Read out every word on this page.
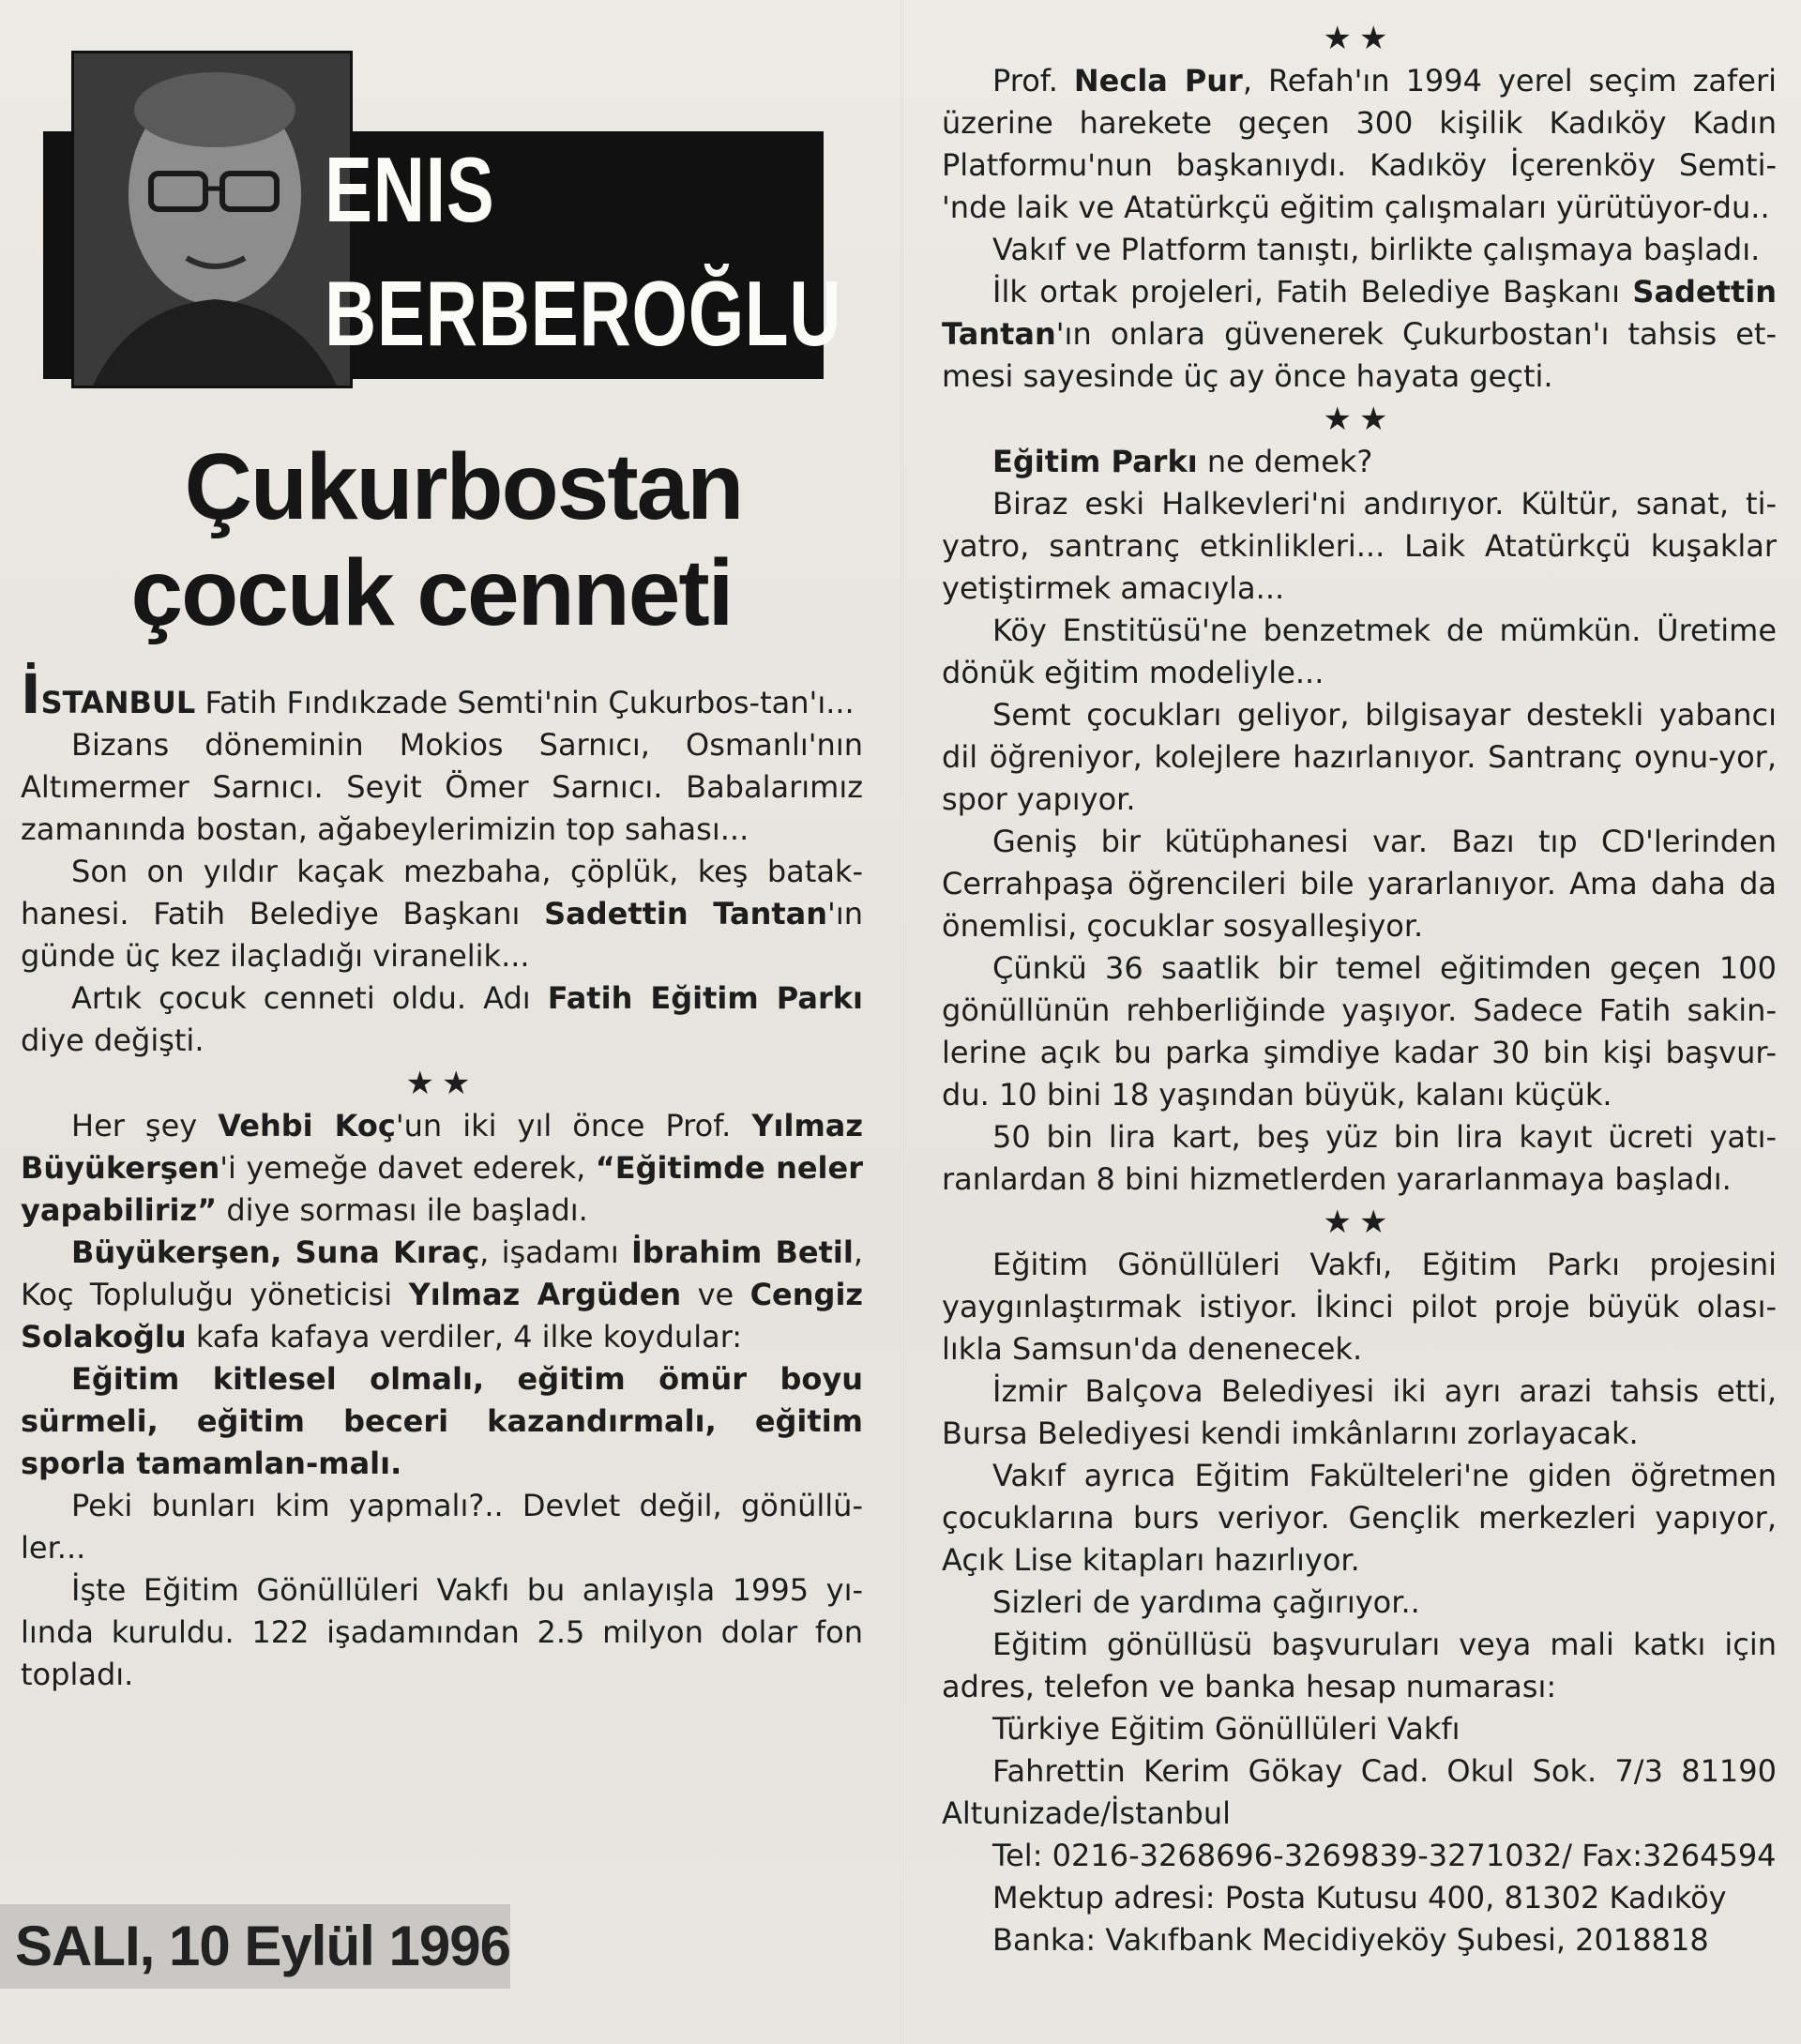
ENIS
BERBEROĞLU
Çukurbostan
çocuk cenneti

İSTANBUL Fatih Fındıkzade Semti'nin Çukurbos-tan'ı...

Bizans döneminin Mokios Sarnıcı, Osmanlı'nın Altımermer Sarnıcı. Seyit Ömer Sarnıcı. Babalarımız zamanında bostan, ağabeylerimizin top sahası...

Son on yıldır kaçak mezbaha, çöplük, keş batak-hanesi. Fatih Belediye Başkanı Sadettin Tantan'ın günde üç kez ilaçladığı viranelik...

Artık çocuk cenneti oldu. Adı Fatih Eğitim Parkı diye değişti.

★★

Her şey Vehbi Koç'un iki yıl önce Prof. Yılmaz Büyükerşen'i yemeğe davet ederek, “Eğitimde neler yapabiliriz” diye sorması ile başladı.

Büyükerşen, Suna Kıraç, işadamı İbrahim Betil, Koç Topluluğu yöneticisi Yılmaz Argüden ve Cengiz Solakoğlu kafa kafaya verdiler, 4 ilke koydular:

Eğitim kitlesel olmalı, eğitim ömür boyu sürmeli, eğitim beceri kazandırmalı, eğitim sporla tamamlan-malı.

Peki bunları kim yapmalı?.. Devlet değil, gönüllü-ler...

İşte Eğitim Gönüllüleri Vakfı bu anlayışla 1995 yı-lında kuruldu. 122 işadamından 2.5 milyon dolar fon topladı.

★★

Prof. Necla Pur, Refah'ın 1994 yerel seçim zaferi üzerine harekete geçen 300 kişilik Kadıköy Kadın Platformu'nun başkanıydı. Kadıköy İçerenköy Semti-'nde laik ve Atatürkçü eğitim çalışmaları yürütüyor-du..

Vakıf ve Platform tanıştı, birlikte çalışmaya başladı.

İlk ortak projeleri, Fatih Belediye Başkanı Sadettin Tantan'ın onlara güvenerek Çukurbostan'ı tahsis et-mesi sayesinde üç ay önce hayata geçti.

★★

Eğitim Parkı ne demek?

Biraz eski Halkevleri'ni andırıyor. Kültür, sanat, ti-yatro, santranç etkinlikleri... Laik Atatürkçü kuşaklar yetiştirmek amacıyla...

Köy Enstitüsü'ne benzetmek de mümkün. Üretime dönük eğitim modeliyle...

Semt çocukları geliyor, bilgisayar destekli yabancı dil öğreniyor, kolejlere hazırlanıyor. Santranç oynu-yor, spor yapıyor.

Geniş bir kütüphanesi var. Bazı tıp CD'lerinden Cerrahpaşa öğrencileri bile yararlanıyor. Ama daha da önemlisi, çocuklar sosyalleşiyor.

Çünkü 36 saatlik bir temel eğitimden geçen 100 gönüllünün rehberliğinde yaşıyor. Sadece Fatih sakin-lerine açık bu parka şimdiye kadar 30 bin kişi başvur-du. 10 bini 18 yaşından büyük, kalanı küçük.

50 bin lira kart, beş yüz bin lira kayıt ücreti yatı-ranlardan 8 bini hizmetlerden yararlanmaya başladı.

★★

Eğitim Gönüllüleri Vakfı, Eğitim Parkı projesini yaygınlaştırmak istiyor. İkinci pilot proje büyük olası-lıkla Samsun'da denenecek.

İzmir Balçova Belediyesi iki ayrı arazi tahsis etti, Bursa Belediyesi kendi imkânlarını zorlayacak.

Vakıf ayrıca Eğitim Fakülteleri'ne giden öğretmen çocuklarına burs veriyor. Gençlik merkezleri yapıyor, Açık Lise kitapları hazırlıyor.

Sizleri de yardıma çağırıyor..

Eğitim gönüllüsü başvuruları veya mali katkı için adres, telefon ve banka hesap numarası:

Türkiye Eğitim Gönüllüleri Vakfı

Fahrettin Kerim Gökay Cad. Okul Sok. 7/3 81190 Altunizade/İstanbul

Tel: 0216-3268696-3269839-3271032/ Fax:3264594

Mektup adresi: Posta Kutusu 400, 81302 Kadıköy

Banka: Vakıfbank Mecidiyeköy Şubesi, 2018818

SALI, 10 Eylül 1996
